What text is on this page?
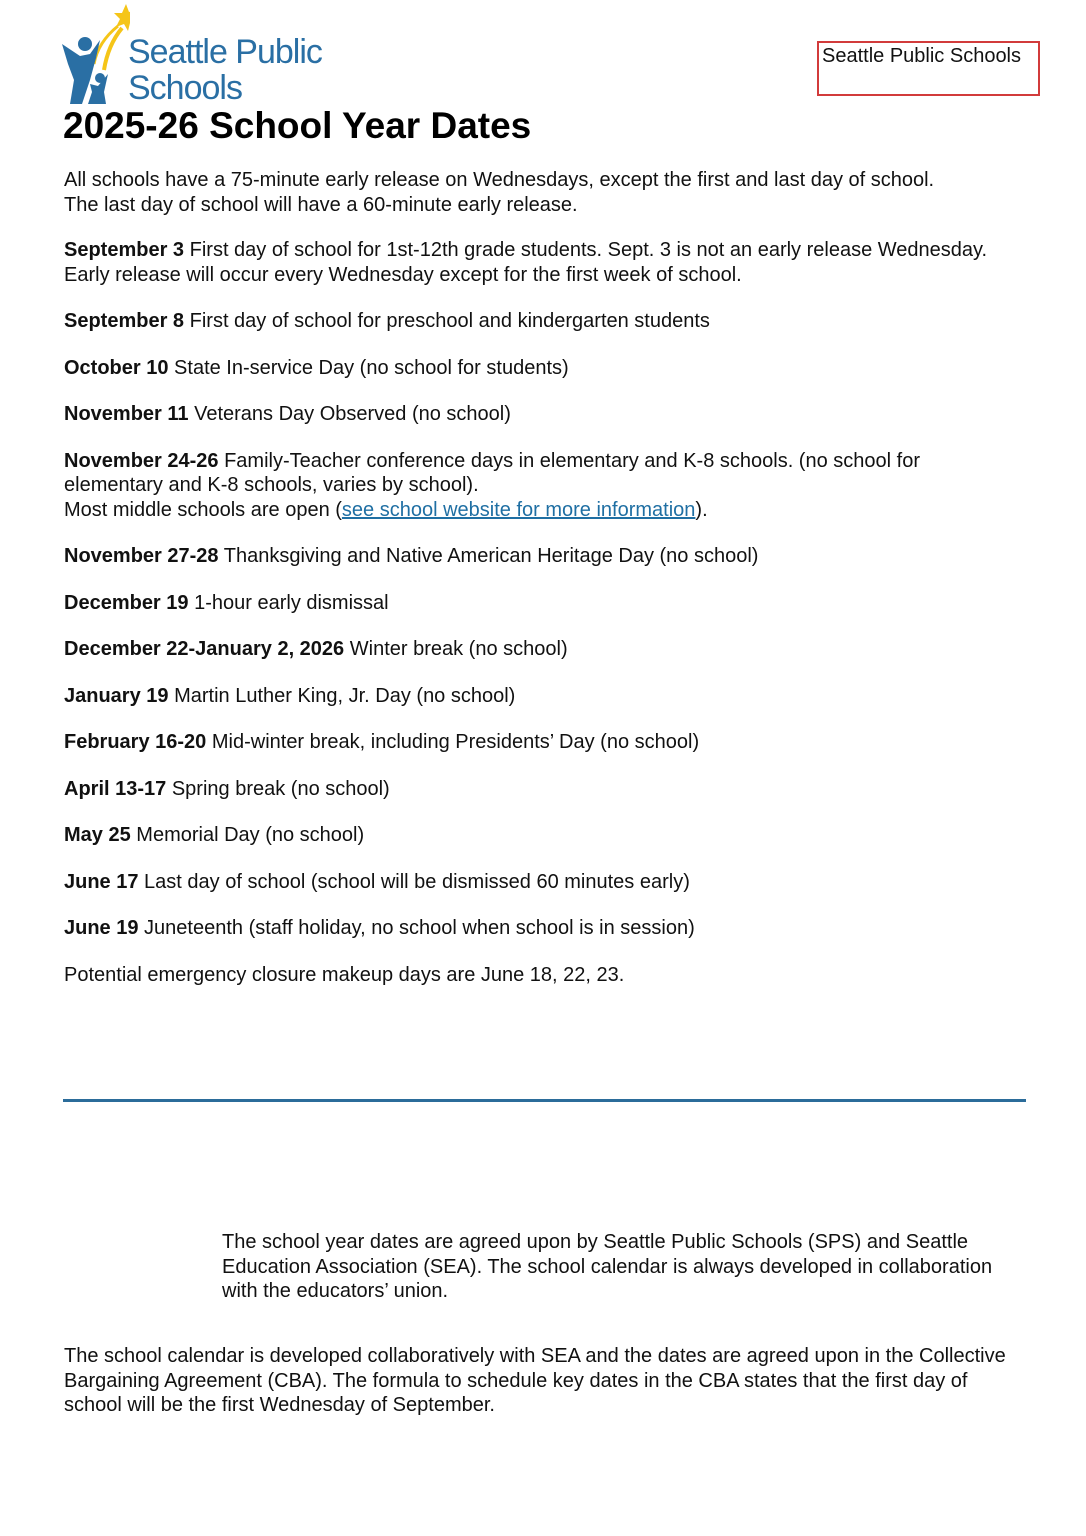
Seattle Public
Schools
Seattle Public Schools
2025-26 School Year Dates

All schools have a 75-minute early release on Wednesdays, except the first and last day of school.
The last day of school will have a 60-minute early release.

September 3 First day of school for 1st-12th grade students. Sept. 3 is not an early release Wednesday. Early release will occur every Wednesday except for the first week of school.

September 8 First day of school for preschool and kindergarten students

October 10 State In-service Day (no school for students)

November 11 Veterans Day Observed (no school)

November 24-26 Family-Teacher conference days in elementary and K-8 schools. (no school for elementary and K-8 schools, varies by school).
Most middle schools are open (see school website for more information).

November 27-28 Thanksgiving and Native American Heritage Day (no school)

December 19 1-hour early dismissal

December 22-January 2, 2026 Winter break (no school)

January 19 Martin Luther King, Jr. Day (no school)

February 16-20 Mid-winter break, including Presidents’ Day (no school)

April 13-17 Spring break (no school)

May 25 Memorial Day (no school)

June 17 Last day of school (school will be dismissed 60 minutes early)

June 19 Juneteenth (staff holiday, no school when school is in session)

Potential emergency closure makeup days are June 18, 22, 23.

The school year dates are agreed upon by Seattle Public Schools (SPS) and Seattle Education Association (SEA). The school calendar is always developed in collaboration with the educators’ union.
The school calendar is developed collaboratively with SEA and the dates are agreed upon in the Collective Bargaining Agreement (CBA). The formula to schedule key dates in the CBA states that the first day of school will be the first Wednesday of September.
